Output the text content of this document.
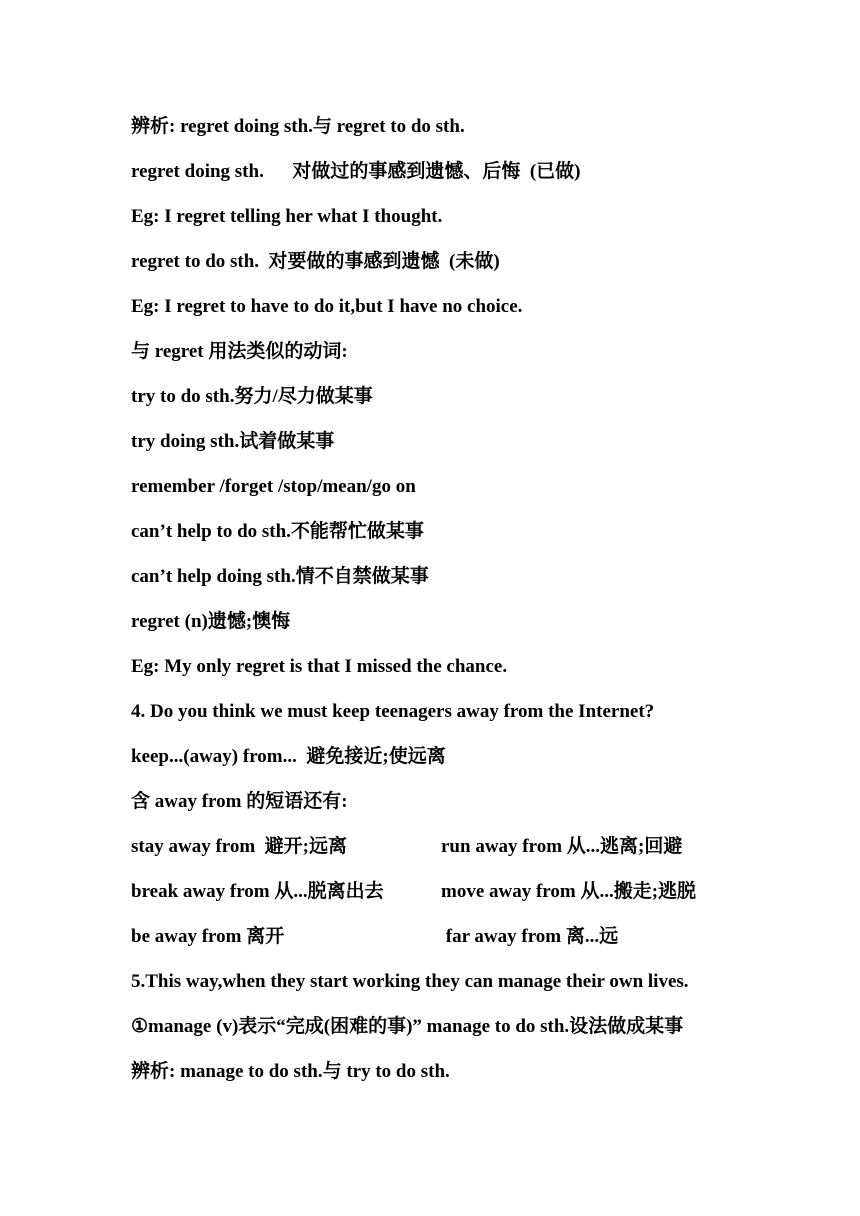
辨析: regret doing sth.与 regret to do sth.
regret doing sth.      对做过的事感到遗憾、后悔  (已做)
Eg: I regret telling her what I thought.
regret to do sth.  对要做的事感到遗憾  (未做)
Eg: I regret to have to do it,but I have no choice.
与 regret 用法类似的动词:
try to do sth.努力/尽力做某事
try doing sth.试着做某事
remember /forget /stop/mean/go on
can’t help to do sth.不能帮忙做某事
can’t help doing sth.情不自禁做某事
regret (n)遗憾;懊悔
Eg: My only regret is that I missed the chance.
4. Do you think we must keep teenagers away from the Internet?
keep...(away) from...  避免接近;使远离
含 away from 的短语还有:
stay away from  避开;远离	run away from 从...逃离;回避
break away from 从...脱离出去	move away from 从...搬走;逃脱
be away from 离开	far away from 离...远
5.This way,when they start working they can manage their own lives.
①manage (v)表示“完成(困难的事)” manage to do sth.设法做成某事
辨析: manage to do sth.与 try to do sth.
